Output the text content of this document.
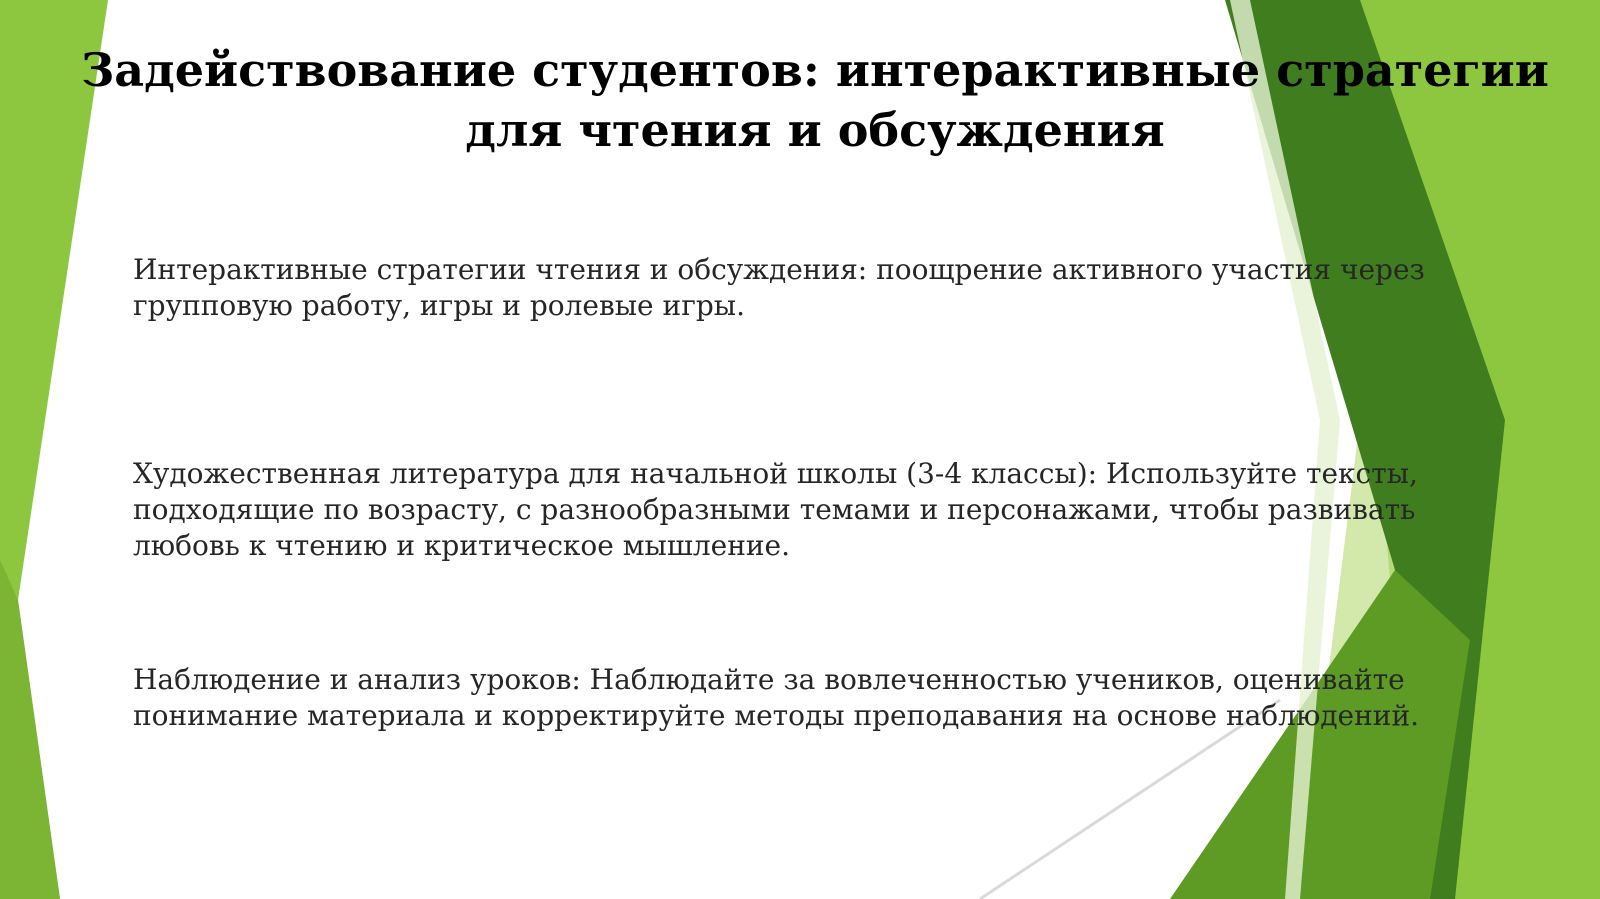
Задействование студентов: интерактивные стратегии
для чтения и обсуждения

Интерактивные стратегии чтения и обсуждения: поощрение активного участия через
групповую работу, игры и ролевые игры.

Художественная литература для начальной школы (3-4 классы): Используйте тексты,
подходящие по возрасту, с разнообразными темами и персонажами, чтобы развивать
любовь к чтению и критическое мышление.

Наблюдение и анализ уроков: Наблюдайте за вовлеченностью учеников, оценивайте
понимание материала и корректируйте методы преподавания на основе наблюдений.
